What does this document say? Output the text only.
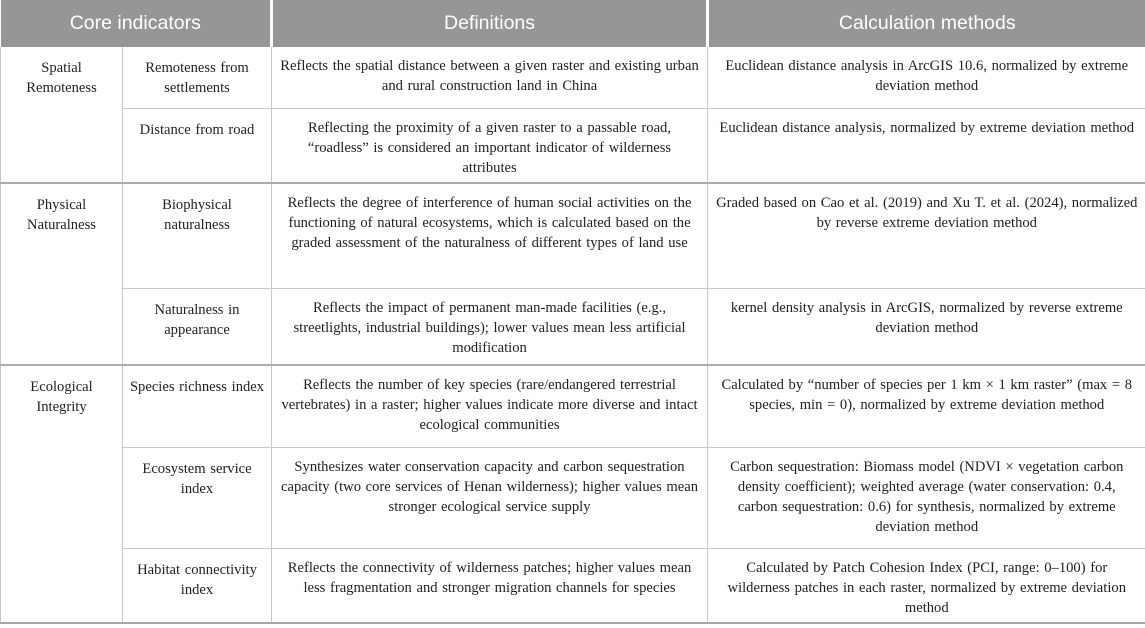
Core indicators		Definitions	Calculation methods
Spatial Remoteness	Remoteness from settlements	Reflects the spatial distance between a given raster and existing urban and rural construction land in China	Euclidean distance analysis in ArcGIS 10.6, normalized by extreme deviation method
	Distance from road	Reflecting the proximity of a given raster to a passable road, “roadless” is considered an important indicator of wilderness attributes	Euclidean distance analysis, normalized by extreme deviation method
Physical Naturalness	Biophysical naturalness	Reflects the degree of interference of human social activities on the functioning of natural ecosystems, which is calculated based on the graded assessment of the naturalness of different types of land use	Graded based on Cao et al. (2019) and Xu T. et al. (2024), normalized by reverse extreme deviation method
	Naturalness in appearance	Reflects the impact of permanent man-made facilities (e.g., streetlights, industrial buildings); lower values mean less artificial modification	kernel density analysis in ArcGIS, normalized by reverse extreme deviation method
Ecological Integrity	Species richness index	Reflects the number of key species (rare/endangered terrestrial vertebrates) in a raster; higher values indicate more diverse and intact ecological communities	Calculated by “number of species per 1 km × 1 km raster” (max = 8 species, min = 0), normalized by extreme deviation method
	Ecosystem service index	Synthesizes water conservation capacity and carbon sequestration capacity (two core services of Henan wilderness); higher values mean stronger ecological service supply	Carbon sequestration: Biomass model (NDVI × vegetation carbon density coefficient); weighted average (water conservation: 0.4, carbon sequestration: 0.6) for synthesis, normalized by extreme deviation method
	Habitat connectivity index	Reflects the connectivity of wilderness patches; higher values mean less fragmentation and stronger migration channels for species	Calculated by Patch Cohesion Index (PCI, range: 0–100) for wilderness patches in each raster, normalized by extreme deviation method
